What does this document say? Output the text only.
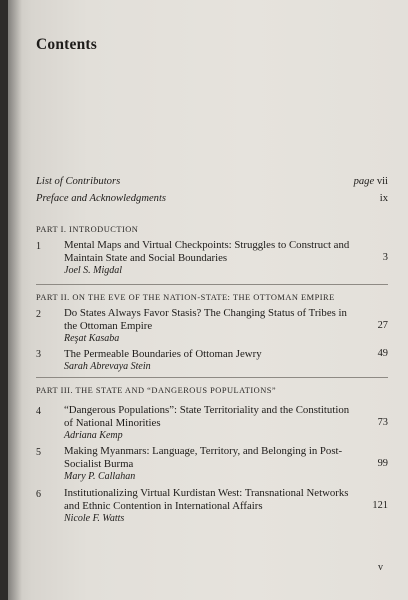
Contents
List of Contributors	page vii
Preface and Acknowledgments	ix
PART I. INTRODUCTION
1 Mental Maps and Virtual Checkpoints: Struggles to Construct and Maintain State and Social Boundaries
Joel S. Migdal
3
PART II. ON THE EVE OF THE NATION-STATE: THE OTTOMAN EMPIRE
2 Do States Always Favor Stasis? The Changing Status of Tribes in the Ottoman Empire
Reşat Kasaba
27
3 The Permeable Boundaries of Ottoman Jewry
Sarah Abrevaya Stein
49
PART III. THE STATE AND “DANGEROUS POPULATIONS”
4 “Dangerous Populations”: State Territoriality and the Constitution of National Minorities
Adriana Kemp
73
5 Making Myanmars: Language, Territory, and Belonging in Post-Socialist Burma
Mary P. Callahan
99
6 Institutionalizing Virtual Kurdistan West: Transnational Networks and Ethnic Contention in International Affairs
Nicole F. Watts
121
v
